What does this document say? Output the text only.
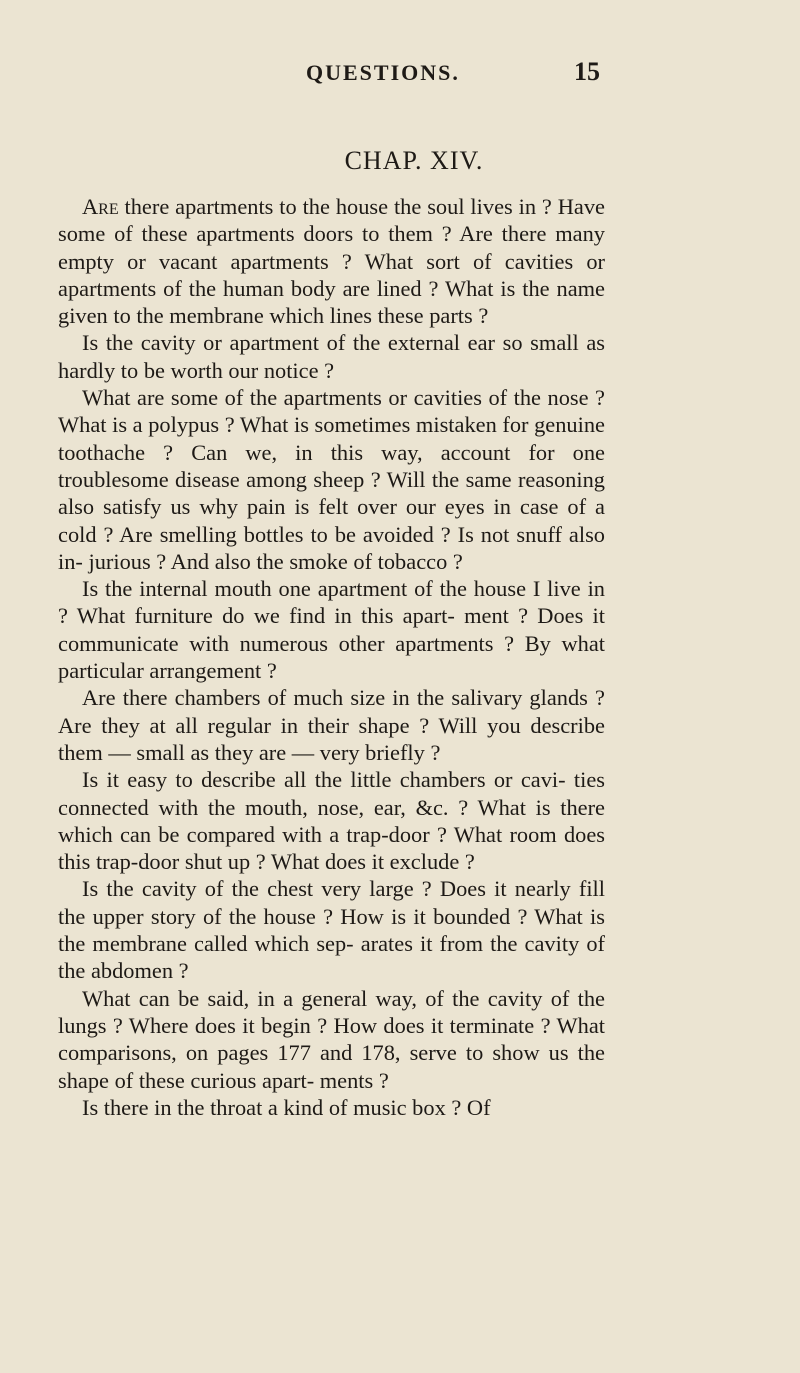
QUESTIONS.	15
CHAP. XIV.

Are there apartments to the house the soul lives in ? Have some of these apartments doors to them ? Are there many empty or vacant apartments ? What sort of cavities or apartments of the human body are lined ? What is the name given to the membrane which lines these parts ?

Is the cavity or apartment of the external ear so small as hardly to be worth our notice ?

What are some of the apartments or cavities of the nose ? What is a polypus ? What is sometimes mistaken for genuine toothache ? Can we, in this way, account for one troublesome disease among sheep ? Will the same reasoning also satisfy us why pain is felt over our eyes in case of a cold ? Are smelling bottles to be avoided ? Is not snuff also in- jurious ? And also the smoke of tobacco ?

Is the internal mouth one apartment of the house I live in ? What furniture do we find in this apart- ment ? Does it communicate with numerous other apartments ? By what particular arrangement ?

Are there chambers of much size in the salivary glands ? Are they at all regular in their shape ? Will you describe them — small as they are — very briefly ?

Is it easy to describe all the little chambers or cavi- ties connected with the mouth, nose, ear, &c. ? What is there which can be compared with a trap-door ? What room does this trap-door shut up ? What does it exclude ?

Is the cavity of the chest very large ? Does it nearly fill the upper story of the house ? How is it bounded ? What is the membrane called which sep- arates it from the cavity of the abdomen ?

What can be said, in a general way, of the cavity of the lungs ? Where does it begin ? How does it terminate ? What comparisons, on pages 177 and 178, serve to show us the shape of these curious apart- ments ?

Is there in the throat a kind of music box ? Of
